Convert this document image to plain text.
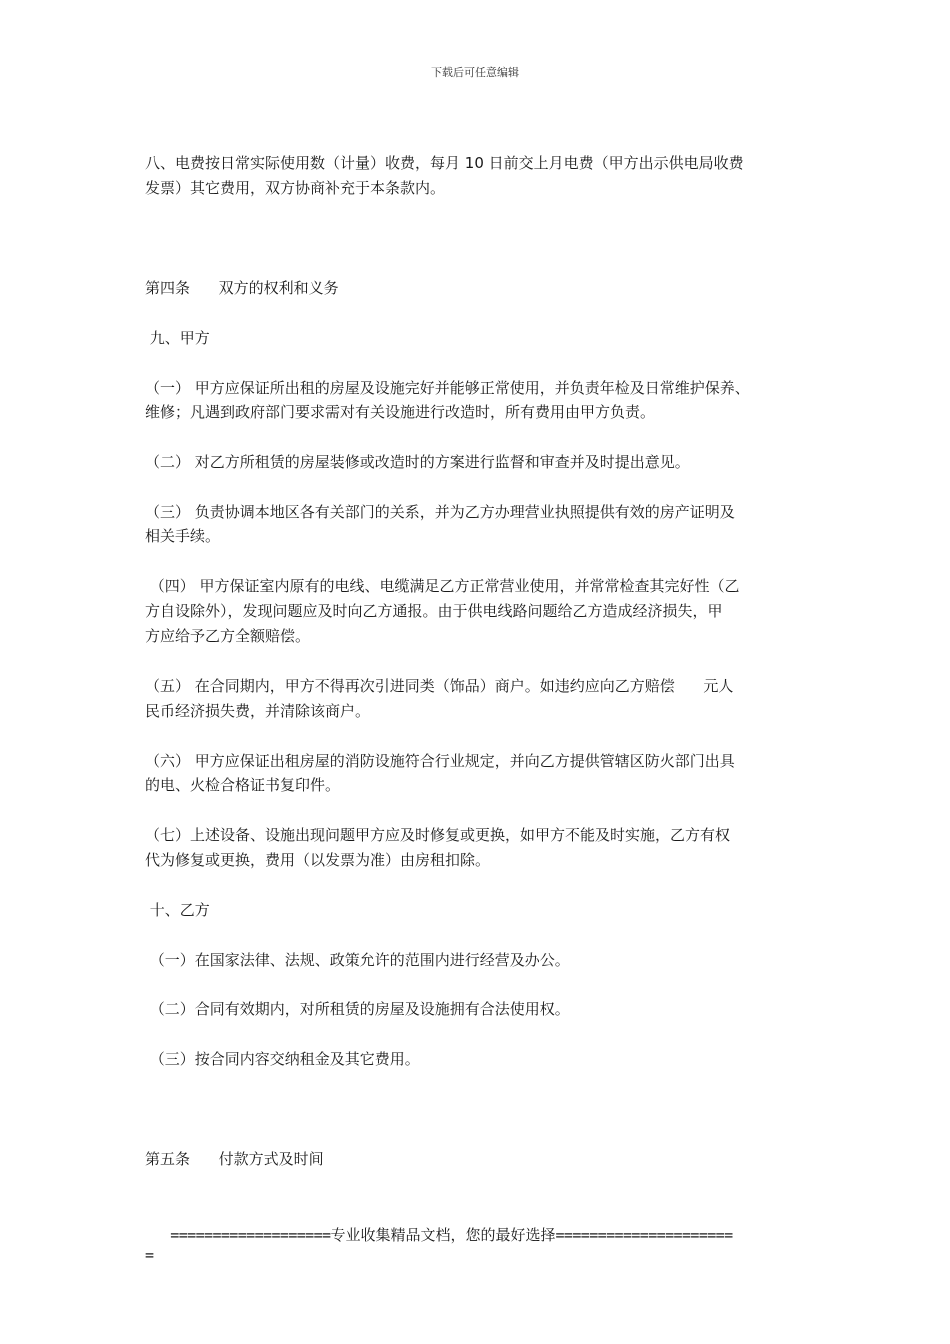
下载后可任意编辑
八、电费按日常实际使用数（计量）收费，每月 10 日前交上月电费（甲方出示供电局收费
发票）其它费用，双方协商补充于本条款内。
第四条      双方的权利和义务
九、甲方
（一） 甲方应保证所出租的房屋及设施完好并能够正常使用，并负责年检及日常维护保养、
维修；凡遇到政府部门要求需对有关设施进行改造时，所有费用由甲方负责。
（二） 对乙方所租赁的房屋装修或改造时的方案进行监督和审查并及时提出意见。
（三） 负责协调本地区各有关部门的关系，并为乙方办理营业执照提供有效的房产证明及
相关手续。
（四） 甲方保证室内原有的电线、电缆满足乙方正常营业使用，并常常检查其完好性（乙
方自设除外），发现问题应及时向乙方通报。由于供电线路问题给乙方造成经济损失，甲
方应给予乙方全额赔偿。
（五） 在合同期内，甲方不得再次引进同类（饰品）商户。如违约应向乙方赔偿      元人
民币经济损失费，并清除该商户。
（六） 甲方应保证出租房屋的消防设施符合行业规定，并向乙方提供管辖区防火部门出具
的电、火检合格证书复印件。
（七）上述设备、设施出现问题甲方应及时修复或更换，如甲方不能及时实施，乙方有权
代为修复或更换，费用（以发票为准）由房租扣除。
十、乙方
（一）在国家法律、法规、政策允许的范围内进行经营及办公。
（二）合同有效期内，对所租赁的房屋及设施拥有合法使用权。
（三）按合同内容交纳租金及其它费用。
第五条      付款方式及时间
===================专业收集精品文档，您的最好选择=====================
=
